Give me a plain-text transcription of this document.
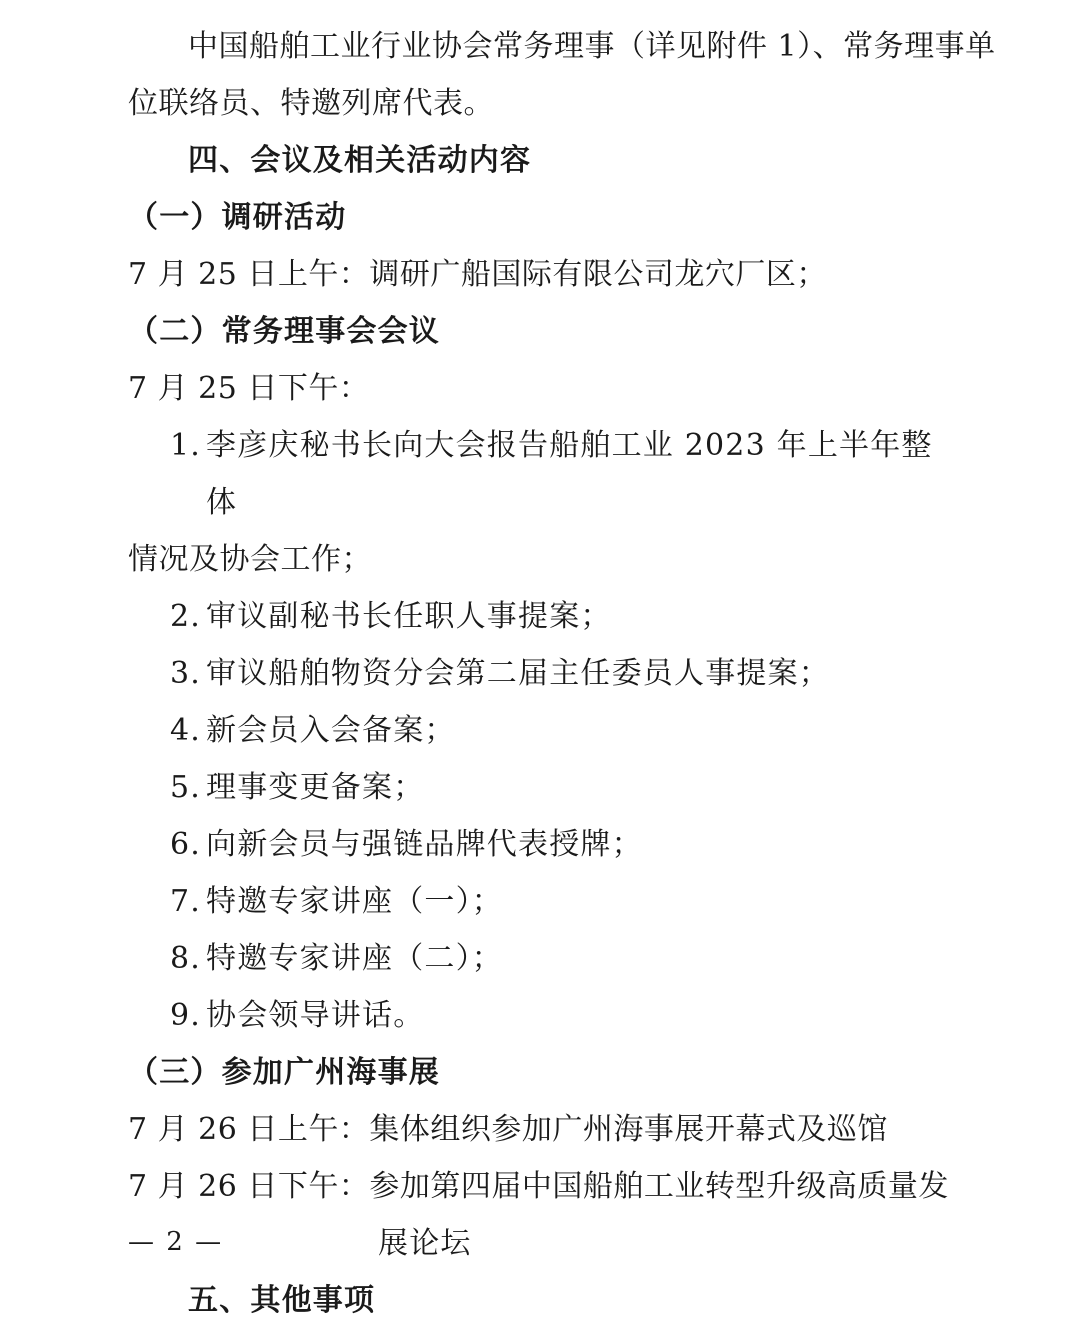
中国船舶工业行业协会常务理事（详见附件 1）、常务理事单
位联络员、特邀列席代表。
四、会议及相关活动内容
（一）调研活动
7 月 25 日上午：调研广船国际有限公司龙穴厂区；
（二）常务理事会会议
7 月 25 日下午：
1. 李彦庆秘书长向大会报告船舶工业 2023 年上半年整体
情况及协会工作；
2. 审议副秘书长任职人事提案；
3. 审议船舶物资分会第二届主任委员人事提案；
4. 新会员入会备案；
5. 理事变更备案；
6. 向新会员与强链品牌代表授牌；
7. 特邀专家讲座（一）；
8. 特邀专家讲座（二）；
9. 协会领导讲话。
（三）参加广州海事展
7 月 26 日上午：集体组织参加广州海事展开幕式及巡馆
7 月 26 日下午：参加第四届中国船舶工业转型升级高质量发
展论坛
五、其他事项
— 2 —
